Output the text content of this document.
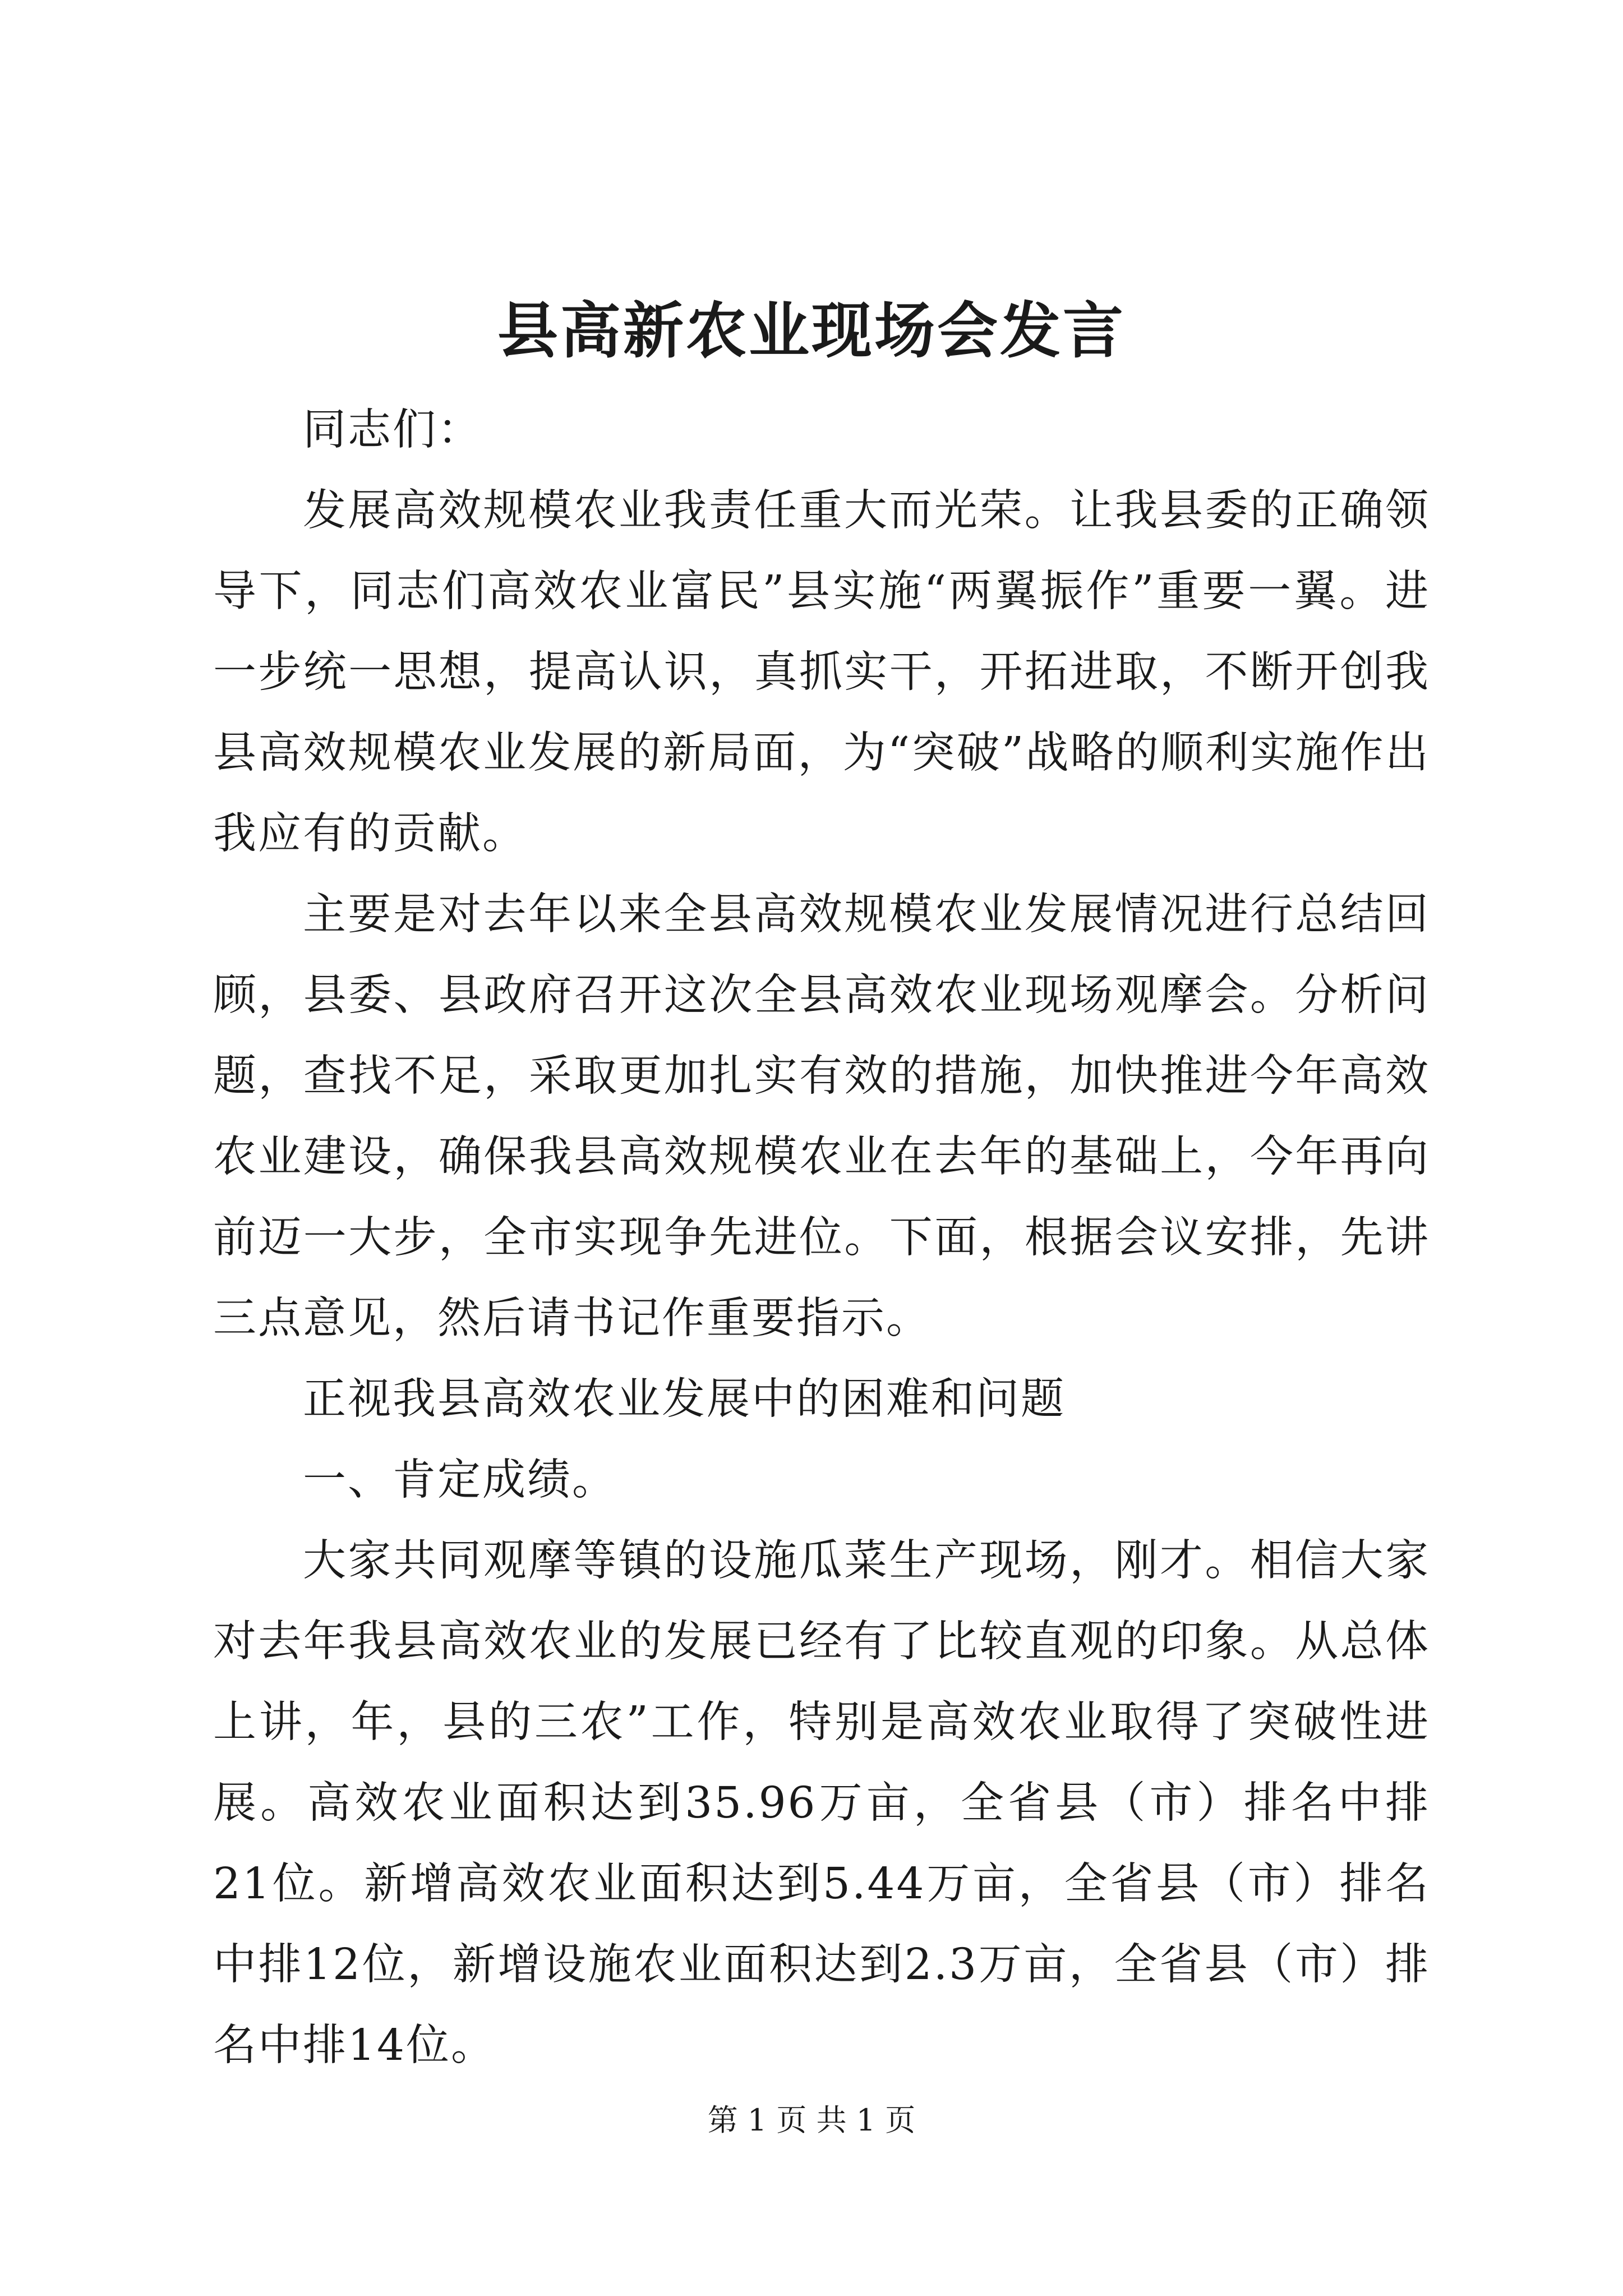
县高新农业现场会发言

同志们：

发展高效规模农业我责任重大而光荣。让我县委的正确领导下，同志们高效农业富民”县实施“两翼振作”重要一翼。进一步统一思想，提高认识，真抓实干，开拓进取，不断开创我县高效规模农业发展的新局面，为“突破”战略的顺利实施作出我应有的贡献。

主要是对去年以来全县高效规模农业发展情况进行总结回顾，县委、县政府召开这次全县高效农业现场观摩会。分析问题，查找不足，采取更加扎实有效的措施，加快推进今年高效农业建设，确保我县高效规模农业在去年的基础上，今年再向前迈一大步，全市实现争先进位。下面，根据会议安排，先讲三点意见，然后请书记作重要指示。

正视我县高效农业发展中的困难和问题

一、肯定成绩。

大家共同观摩等镇的设施瓜菜生产现场，刚才。相信大家对去年我县高效农业的发展已经有了比较直观的印象。从总体上讲，年，县的三农”工作，特别是高效农业取得了突破性进展。高效农业面积达到35.96万亩，全省县（市）排名中排21位。新增高效农业面积达到5.44万亩，全省县（市）排名中排12位，新增设施农业面积达到2.3万亩，全省县（市）排名中排14位。

第 1 页 共 1 页
